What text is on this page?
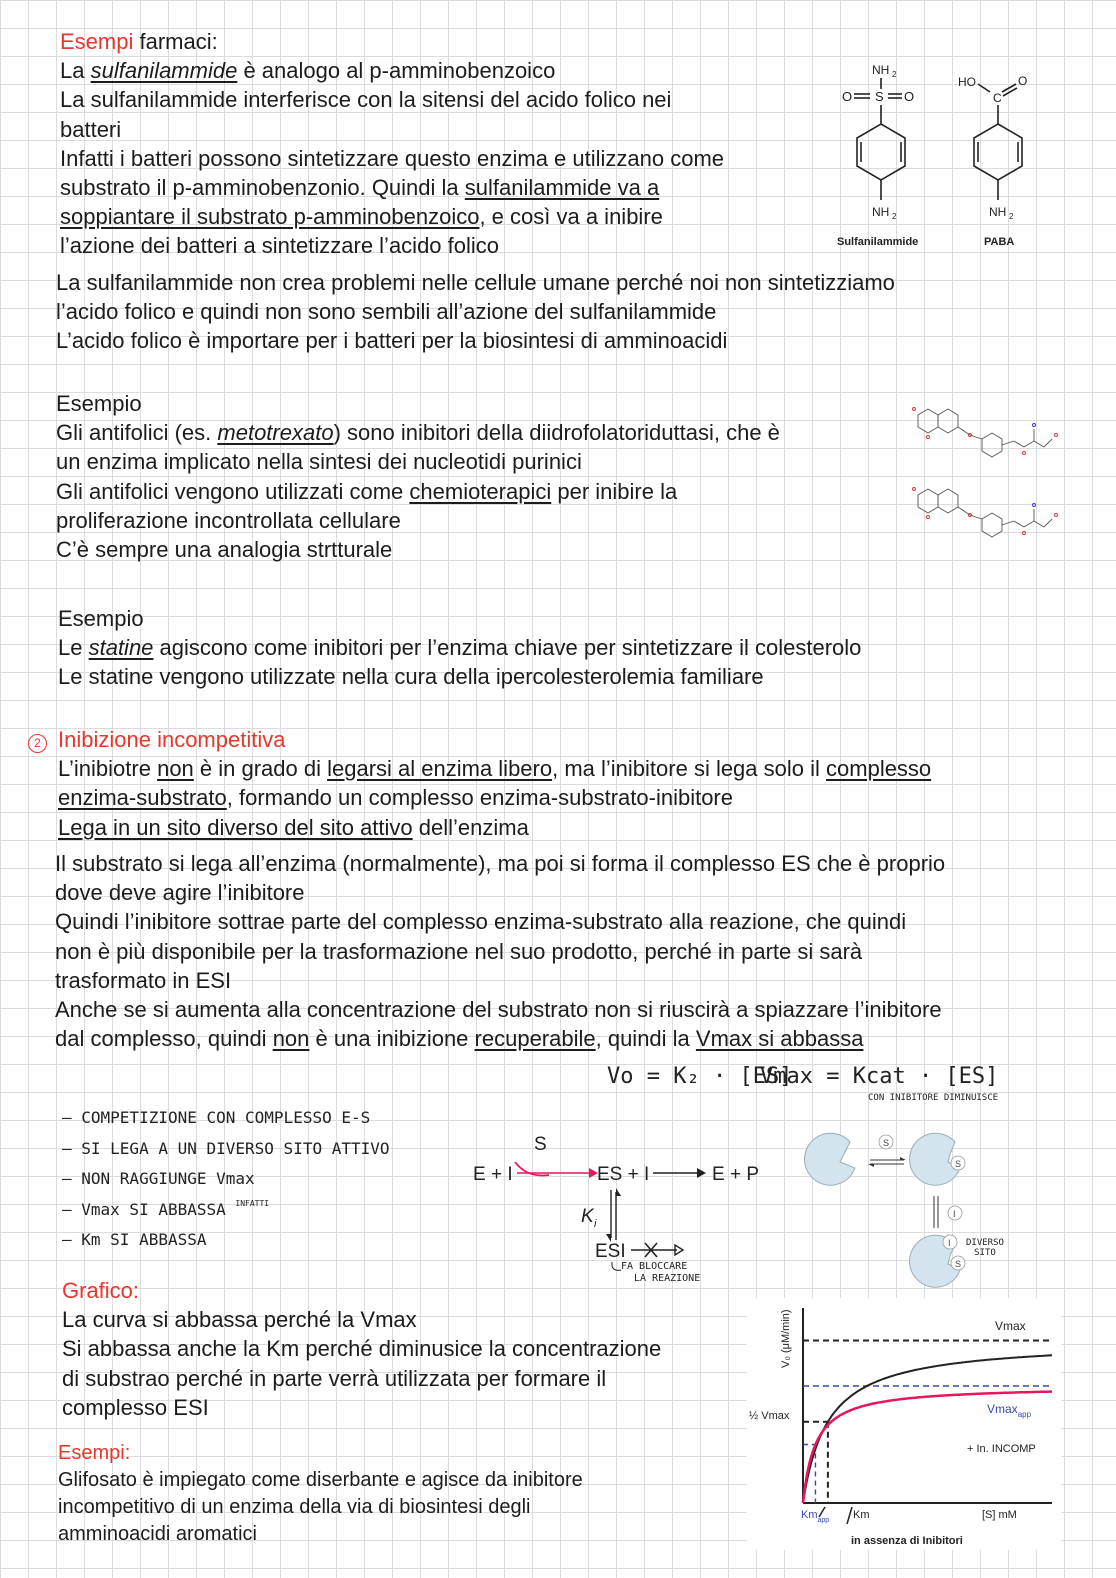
Esempi farmaci:
La sulfanilammide è analogo al p-amminobenzoico
La sulfanilammide interferisce con la sitensi del acido folico nei
batteri
Infatti i batteri possono sintetizzare questo enzima e utilizzano come
substrato il p-amminobenzonio. Quindi la sulfanilammide va a
soppiantare il substrato p-amminobenzoico, e così va a inibire
l’azione dei batteri a sintetizzare l’acido folico
La sulfanilammide non crea problemi nelle cellule umane perché noi non sintetizziamo
l’acido folico e quindi non sono sembili all’azione del sulfanilammide
L’acido folico è importare per i batteri per la biosintesi di amminoacidi
NH 2
O S O
NH 2
Sulfanilammide
HO
C
O
NH 2
PABA
Esempio
Gli antifolici (es. metotrexato) sono inibitori della diidrofolatoriduttasi, che è
un enzima implicato nella sintesi dei nucleotidi purinici
Gli antifolici vengono utilizzati come chemioterapici per inibire la
proliferazione incontrollata cellulare
C’è sempre una analogia strtturale
Esempio
Le statine agiscono come inibitori per l’enzima chiave per sintetizzare il colesterolo
Le statine vengono utilizzate nella cura della ipercolesterolemia familiare
2 Inibizione incompetitiva
L’inibiotre non è in grado di legarsi al enzima libero, ma l’inibitore si lega solo il complesso
enzima-substrato, formando un complesso enzima-substrato-inibitore
Lega in un sito diverso del sito attivo dell’enzima
Il substrato si lega all’enzima (normalmente), ma poi si forma il complesso ES che è proprio
dove deve agire l’inibitore
Quindi l’inibitore sottrae parte del complesso enzima-substrato alla reazione, che quindi
non è più disponibile per la trasformazione nel suo prodotto, perché in parte si sarà
trasformato in ESI
Anche se si aumenta alla concentrazione del substrato non si riuscirà a spiazzare l’inibitore
dal complesso, quindi non è una inibizione recuperabile, quindi la Vmax si abbassa
Vo = K₂ · [ES]
Vmax = Kcat · [ES]
CON INIBITORE DIMINUISCE
– COMPETIZIONE CON COMPLESSO E-S
– SI LEGA A UN DIVERSO SITO ATTIVO
– NON RAGGIUNGE Vmax
– Vmax SI ABBASSA $^{INFATTI}$
– Km SI ABBASSA
S
E + I	ES + I	E + P
K i
ESI
FA BLOCCARE
LA REAZIONE
S
S
I
I
S
DIVERSO
SITO
Grafico:
La curva si abbassa perché la Vmax
Si abbassa anche la Km perché diminusice la concentrazione
di substrao perché in parte verrà utilizzata per formare il
complesso ESI
Esempi:
Glifosato è impiegato come diserbante e agisce da inibitore
incompetitivo di un enzima della via di biosintesi degli
amminoacidi aromatici
V₀ (μM/min)
[S] mM
½ Vmax
Vmax
Vmax$_{app}$
+ In. INCOMP
$Km_{app}$ Km
in assenza di Inibitori
